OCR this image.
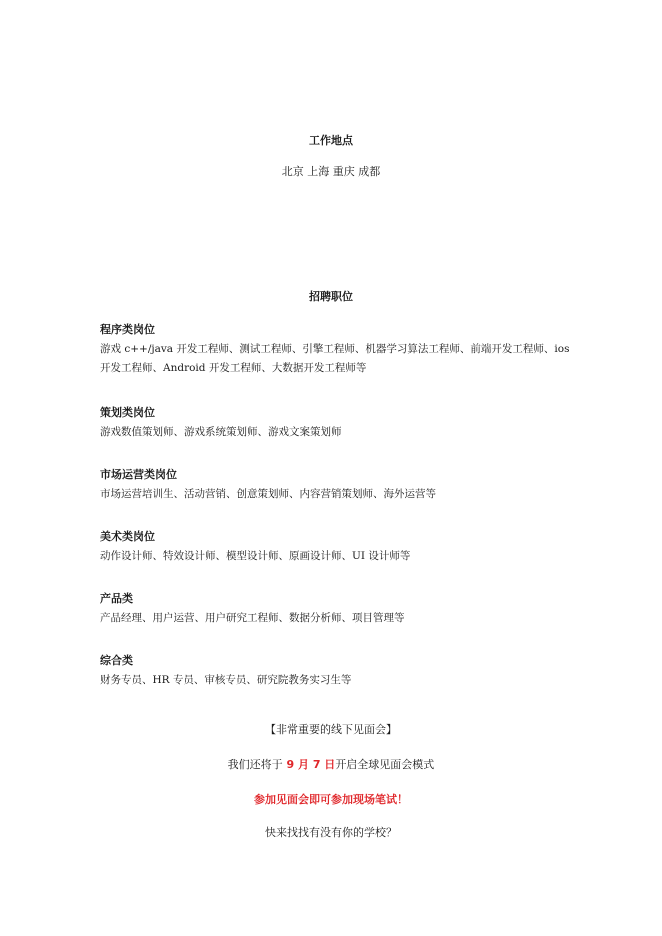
工作地点
北京 上海 重庆 成都
招聘职位

程序类岗位

游戏 c++/java 开发工程师、测试工程师、引擎工程师、机器学习算法工程师、前端开发工程师、ios 开发工程师、Android 开发工程师、大数据开发工程师等

策划类岗位

游戏数值策划师、游戏系统策划师、游戏文案策划师

市场运营类岗位

市场运营培训生、活动营销、创意策划师、内容营销策划师、海外运营等

美术类岗位

动作设计师、特效设计师、模型设计师、原画设计师、UI 设计师等

产品类

产品经理、用户运营、用户研究工程师、数据分析师、项目管理等

综合类

财务专员、HR 专员、审核专员、研究院教务实习生等

【非常重要的线下见面会】
我们还将于 9 月 7 日开启全球见面会模式
参加见面会即可参加现场笔试！
快来找找有没有你的学校？
